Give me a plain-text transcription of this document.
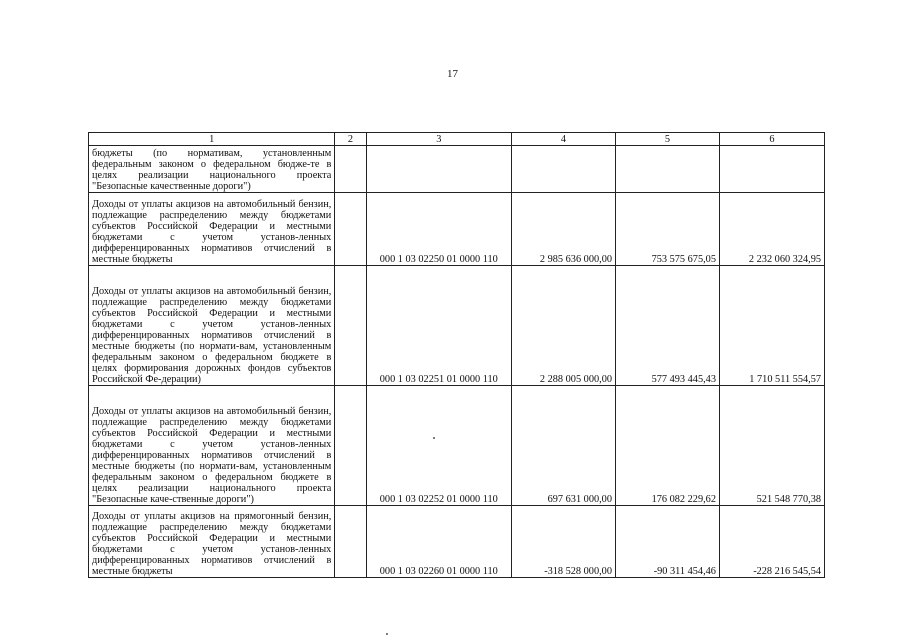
17
1	2	3	4	5	6
бюджеты (по нормативам, установленным федеральным законом о федеральном бюдже-те в целях реализации национального проекта "Безопасные качественные дороги")					
Доходы от уплаты акцизов на автомобильный бензин, подлежащие распределению между бюджетами субъектов Российской Федерации и местными бюджетами с учетом установ-ленных дифференцированных нормативов отчислений в местные бюджеты		000 1 03 02250 01 0000 110	2 985 636 000,00	753 575 675,05	2 232 060 324,95
Доходы от уплаты акцизов на автомобильный бензин, подлежащие распределению между бюджетами субъектов Российской Федерации и местными бюджетами с учетом установ-ленных дифференцированных нормативов отчислений в местные бюджеты (по нормати-вам, установленным федеральным законом о федеральном бюджете в целях формирования дорожных фондов субъектов Российской Фе-дерации)		000 1 03 02251 01 0000 110	2 288 005 000,00	577 493 445,43	1 710 511 554,57
Доходы от уплаты акцизов на автомобильный бензин, подлежащие распределению между бюджетами субъектов Российской Федерации и местными бюджетами с учетом установ-ленных дифференцированных нормативов отчислений в местные бюджеты (по нормати-вам, установленным федеральным законом о федеральном бюджете в целях реализации национального проекта "Безопасные каче-ственные дороги")		000 1 03 02252 01 0000 110	697 631 000,00	176 082 229,62	521 548 770,38
Доходы от уплаты акцизов на прямогонный бензин, подлежащие распределению между бюджетами субъектов Российской Федерации и местными бюджетами с учетом установ-ленных дифференцированных нормативов отчислений в местные бюджеты		000 1 03 02260 01 0000 110	-318 528 000,00	-90 311 454,46	-228 216 545,54
